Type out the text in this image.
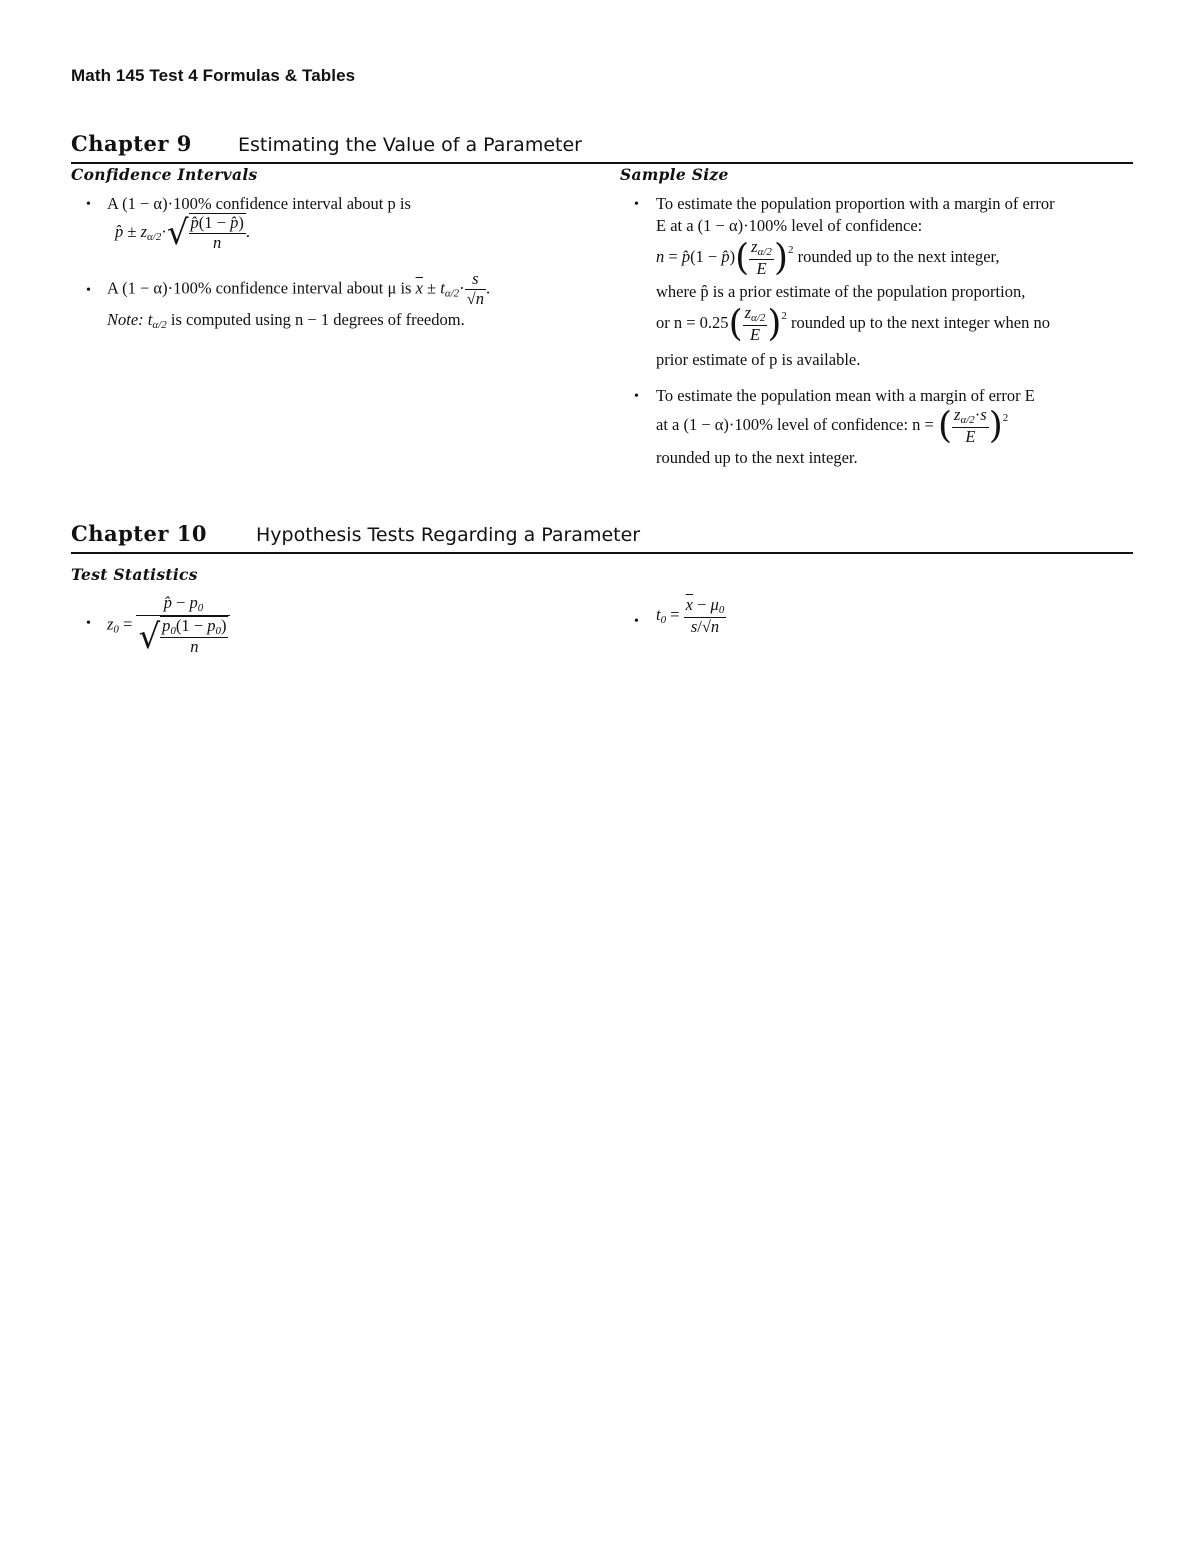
Math 145 Test 4 Formulas & Tables
Chapter 9 Estimating the Value of a Parameter
Confidence Intervals	Sample Size
• A (1 − α)·100% confidence interval about p is
p̂ ± $z_{\alpha/2}\cdot√ \frac{p̂(1 - p̂)}{n}$ .
• A (1 − α)·100% confidence interval about μ is $\overline{x} \pm t_{\alpha/2}\cdot \frac{s}{√n}$ .
Note: $t_{\alpha/2}$ is computed using n − 1 degrees of freedom.
• To estimate the population proportion with a margin of error
E at a (1 − α)·100% level of confidence:
n = p̂(1 − p̂)( $\frac{z_{\alpha/2}}{E} )^2$ rounded up to the next integer,
where p̂ is a prior estimate of the population proportion,
or $n = 0.25( \frac{z_{\alpha/2}}{E} )^2$ rounded up to the next integer when no
prior estimate of p is available.
• To estimate the population mean with a margin of error E
at a (1 − α)·100% level of confidence: n = ( $\frac{z_{\alpha/2}\cdot s}{E} )^2$
rounded up to the next integer.
Chapter 10	Hypothesis Tests Regarding a Parameter
Test Statistics
• $z_0 = \frac{p̂ - p_0}{√ \frac{p_0(1 - p_0)}{n}}$	• $t_0 = \frac{\overline{x} - \mu_0}{s/√n}$
